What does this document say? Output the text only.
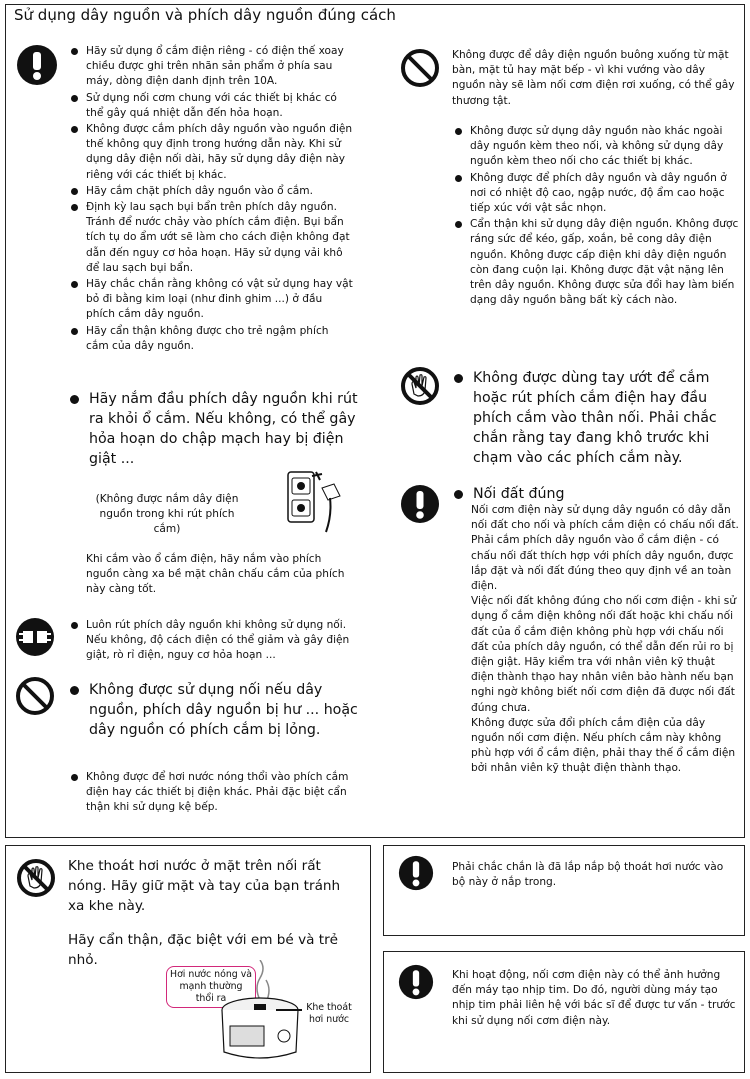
Sử dụng dây nguồn và phích dây nguồn đúng cách
Hãy sử dụng ổ cắm điện riêng - có điện thế xoay chiều được ghi trên nhãn sản phẩm ở phía sau máy, dòng điện danh định trên 10A.
Sử dụng nối cơm chung với các thiết bị khác có thể gây quá nhiệt dẫn đến hỏa hoạn.
Không được cắm phích dây nguồn vào nguồn điện thế không quy định trong hướng dẫn này. Khi sử dụng dây điện nối dài, hãy sử dụng dây điện này riêng với các thiết bị khác.
Hãy cắm chặt phích dây nguồn vào ổ cắm.
Định kỳ lau sạch bụi bẩn trên phích dây nguồn. Tránh để nước chảy vào phích cắm điện. Bụi bẩn tích tụ do ẩm ướt sẽ làm cho cách điện không đạt dẫn đến nguy cơ hỏa hoạn. Hãy sử dụng vải khô để lau sạch bụi bẩn.
Hãy chắc chắn rằng không có vật sử dụng hay vật bỏ đi bằng kim loại (như đinh ghim ...) ở đầu phích cắm dây nguồn.
Hãy cẩn thận không được cho trẻ ngậm phích cắm của dây nguồn.
Hãy nắm đầu phích dây nguồn khi rút ra khỏi ổ cắm. Nếu không, có thể gây hỏa hoạn do chập mạch hay bị điện giật ...
(Không được nắm dây điện nguồn trong khi rút phích cắm)
Khi cắm vào ổ cắm điện, hãy nắm vào phích nguồn càng xa bề mặt chân chấu cắm của phích này càng tốt.
Luôn rút phích dây nguồn khi không sử dụng nối. Nếu không, độ cách điện có thể giảm và gây điện giật, rò rỉ điện, nguy cơ hỏa hoạn ...
Không được sử dụng nối nếu dây nguồn, phích dây nguồn bị hư ... hoặc dây nguồn có phích cắm bị lỏng.
Không được để hơi nước nóng thổi vào phích cắm điện hay các thiết bị điện khác. Phải đặc biệt cẩn thận khi sử dụng kệ bếp.
Không được để dây điện nguồn buông xuống từ mặt bàn, mặt tủ hay mặt bếp - vì khi vướng vào dây nguồn này sẽ làm nối cơm điện rơi xuống, có thể gây thương tật.
Không được sử dụng dây nguồn nào khác ngoài dây nguồn kèm theo nối, và không sử dụng dây nguồn kèm theo nối cho các thiết bị khác.
Không được để phích dây nguồn và dây nguồn ở nơi có nhiệt độ cao, ngập nước, độ ẩm cao hoặc tiếp xúc với vật sắc nhọn.
Cẩn thận khi sử dụng dây điện nguồn. Không được ráng sức để kéo, gấp, xoắn, bẻ cong dây điện nguồn. Không được cấp điện khi dây điện nguồn còn đang cuộn lại. Không được đặt vật nặng lên trên dây nguồn. Không được sửa đổi hay làm biến dạng dây nguồn bằng bất kỳ cách nào.
Không được dùng tay ướt để cắm hoặc rút phích cắm điện hay đầu phích cắm vào thân nối. Phải chắc chắn rằng tay đang khô trước khi chạm vào các phích cắm này.
Nối đất đúng

Nối cơm điện này sử dụng dây nguồn có dây dẫn nối đất cho nối và phích cắm điện có chấu nối đất.

Phải cắm phích dây nguồn vào ổ cắm điện - có chấu nối đất thích hợp với phích dây nguồn, được lắp đặt và nối đất đúng theo quy định về an toàn điện.

Việc nối đất không đúng cho nối cơm điện - khi sử dụng ổ cắm điện không nối đất hoặc khi chấu nối đất của ổ cắm điện không phù hợp với chấu nối đất của phích dây nguồn, có thể dẫn đến rủi ro bị điện giật. Hãy kiểm tra với nhân viên kỹ thuật điện thành thạo hay nhân viên bảo hành nếu bạn nghi ngờ không biết nối cơm điện đã được nối đất đúng chưa.

Không được sửa đổi phích cắm điện của dây nguồn nối cơm điện. Nếu phích cắm này không phù hợp với ổ cắm điện, phải thay thế ổ cắm điện bởi nhân viên kỹ thuật điện thành thạo.

Khe thoát hơi nước ở mặt trên nối rất nóng. Hãy giữ mặt và tay của bạn tránh xa khe này.
Hãy cẩn thận, đặc biệt với em bé và trẻ nhỏ.
Hơi nước nóng và mạnh thường thổi ra
Khe thoát hơi nước
Phải chắc chắn là đã lắp nắp bộ thoát hơi nước vào bộ này ở nắp trong.
Khi hoạt động, nối cơm điện này có thể ảnh hưởng đến máy tạo nhịp tim. Do đó, người dùng máy tạo nhịp tim phải liên hệ với bác sĩ để được tư vấn - trước khi sử dụng nối cơm điện này.
